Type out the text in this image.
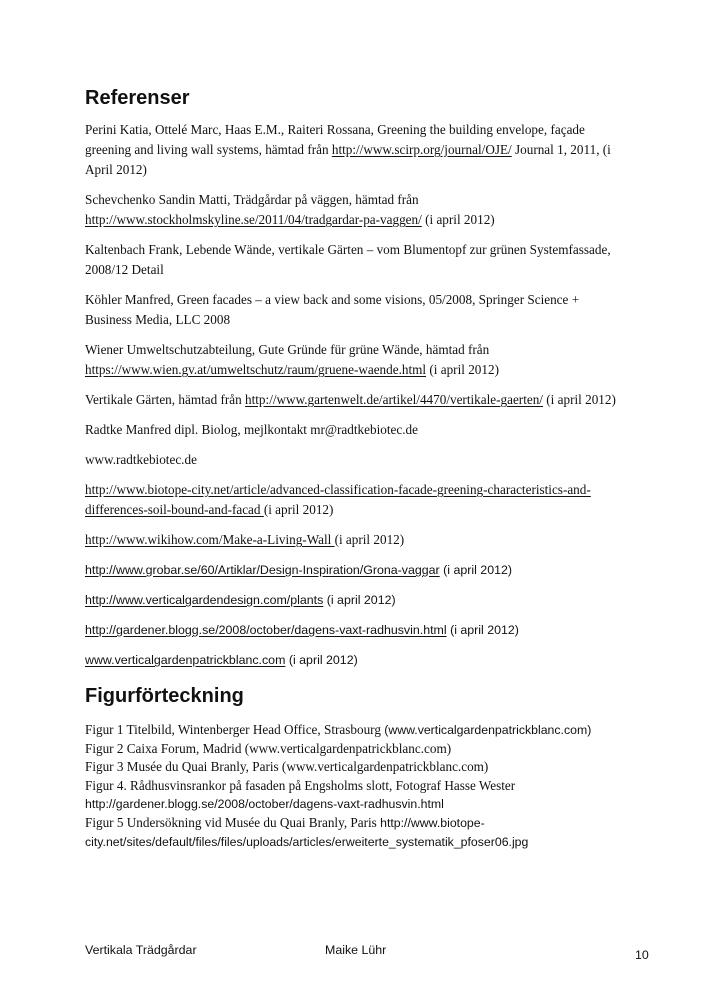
Referenser

Perini Katia, Ottelé Marc, Haas E.M., Raiteri Rossana, Greening the building envelope, façade greening and living wall systems, hämtad från http://www.scirp.org/journal/OJE/ Journal 1, 2011, (i April 2012)

Schevchenko Sandin Matti, Trädgårdar på väggen, hämtad från http://www.stockholmskyline.se/2011/04/tradgardar-pa-vaggen/ (i april 2012)

Kaltenbach Frank, Lebende Wände, vertikale Gärten – vom Blumentopf zur grünen Systemfassade, 2008/12 Detail

Köhler Manfred, Green facades – a view back and some visions, 05/2008, Springer Science + Business Media, LLC 2008

Wiener Umweltschutzabteilung, Gute Gründe für grüne Wände, hämtad från https://www.wien.gv.at/umweltschutz/raum/gruene-waende.html (i april 2012)

Vertikale Gärten, hämtad från http://www.gartenwelt.de/artikel/4470/vertikale-gaerten/ (i april 2012)

Radtke Manfred dipl. Biolog, mejlkontakt mr@radtkebiotec.de

www.radtkebiotec.de

http://www.biotope-city.net/article/advanced-classification-facade-greening-characteristics-and-differences-soil-bound-and-facad (i april 2012)

http://www.wikihow.com/Make-a-Living-Wall (i april 2012)

http://www.grobar.se/60/Artiklar/Design-Inspiration/Grona-vaggar (i april 2012)

http://www.verticalgardendesign.com/plants (i april 2012)

http://gardener.blogg.se/2008/october/dagens-vaxt-radhusvin.html (i april 2012)

www.verticalgardenpatrickblanc.com (i april 2012)

Figurförteckning

Figur 1 Titelbild, Wintenberger Head Office, Strasbourg (www.verticalgardenpatrickblanc.com)

Figur 2 Caixa Forum, Madrid (www.verticalgardenpatrickblanc.com)

Figur 3 Musée du Quai Branly, Paris (www.verticalgardenpatrickblanc.com)

Figur 4. Rådhusvinsrankor på fasaden på Engsholms slott, Fotograf Hasse Wester

http://gardener.blogg.se/2008/october/dagens-vaxt-radhusvin.html

Figur 5 Undersökning vid Musée du Quai Branly, Paris http://www.biotope-

city.net/sites/default/files/files/uploads/articles/erweiterte_systematik_pfoser06.jpg

Vertikala Trädgårdar	Maike Lühr	10
